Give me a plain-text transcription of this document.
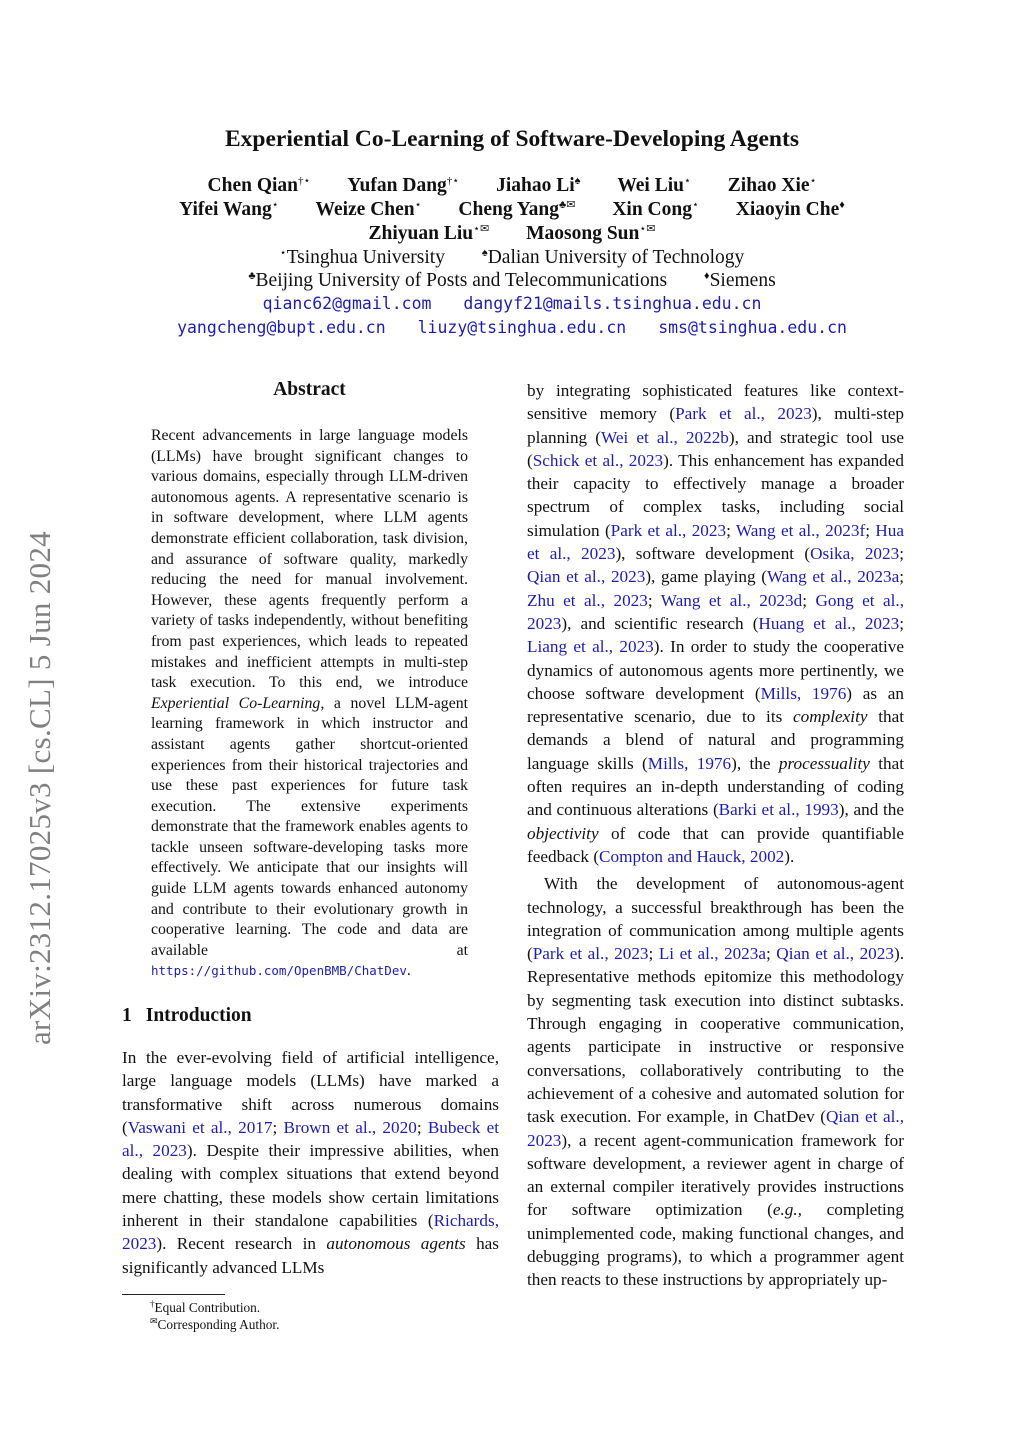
arXiv:2312.17025v3 [cs.CL] 5 Jun 2024
Experiential Co-Learning of Software-Developing Agents
Chen Qian†⋆ Yufan Dang†⋆ Jiahao Li♠ Wei Liu⋆ Zihao Xie⋆
Yifei Wang⋆ Weize Chen⋆ Cheng Yang♣✉ Xin Cong⋆ Xiaoyin Che♦
Zhiyuan Liu⋆✉ Maosong Sun⋆✉
⋆Tsinghua University	♠Dalian University of Technology
♣Beijing University of Posts and Telecommunications	♦Siemens
qianc62@gmail.com dangyf21@mails.tsinghua.edu.cn
yangcheng@bupt.edu.cn liuzy@tsinghua.edu.cn sms@tsinghua.edu.cn
Abstract
Recent advancements in large language models (LLMs) have brought significant changes to various domains, especially through LLM-driven autonomous agents. A representative scenario is in software development, where LLM agents demonstrate efficient collaboration, task division, and assurance of software quality, markedly reducing the need for manual involvement. However, these agents frequently perform a variety of tasks independently, without benefiting from past experiences, which leads to repeated mistakes and inefficient attempts in multi-step task execution. To this end, we introduce Experiential Co-Learning, a novel LLM-agent learning framework in which instructor and assistant agents gather shortcut-oriented experiences from their historical trajectories and use these past experiences for future task execution. The extensive experiments demonstrate that the framework enables agents to tackle unseen software-developing tasks more effectively. We anticipate that our insights will guide LLM agents towards enhanced autonomy and contribute to their evolutionary growth in cooperative learning. The code and data are available at https://github.com/OpenBMB/ChatDev.
1 Introduction

In the ever-evolving field of artificial intelligence, large language models (LLMs) have marked a transformative shift across numerous domains (Vaswani et al., 2017; Brown et al., 2020; Bubeck et al., 2023). Despite their impressive abilities, when dealing with complex situations that extend beyond mere chatting, these models show certain limitations inherent in their standalone capabilities (Richards, 2023). Recent research in autonomous agents has significantly advanced LLMs

†Equal Contribution.
✉Corresponding Author.

by integrating sophisticated features like context-sensitive memory (Park et al., 2023), multi-step planning (Wei et al., 2022b), and strategic tool use (Schick et al., 2023). This enhancement has expanded their capacity to effectively manage a broader spectrum of complex tasks, including social simulation (Park et al., 2023; Wang et al., 2023f; Hua et al., 2023), software development (Osika, 2023; Qian et al., 2023), game playing (Wang et al., 2023a; Zhu et al., 2023; Wang et al., 2023d; Gong et al., 2023), and scientific research (Huang et al., 2023; Liang et al., 2023). In order to study the cooperative dynamics of autonomous agents more pertinently, we choose software development (Mills, 1976) as an representative scenario, due to its complexity that demands a blend of natural and programming language skills (Mills, 1976), the processuality that often requires an in-depth understanding of coding and continuous alterations (Barki et al., 1993), and the objectivity of code that can provide quantifiable feedback (Compton and Hauck, 2002).

With the development of autonomous-agent technology, a successful breakthrough has been the integration of communication among multiple agents (Park et al., 2023; Li et al., 2023a; Qian et al., 2023). Representative methods epitomize this methodology by segmenting task execution into distinct subtasks. Through engaging in cooperative communication, agents participate in instructive or responsive conversations, collaboratively contributing to the achievement of a cohesive and automated solution for task execution. For example, in ChatDev (Qian et al., 2023), a recent agent-communication framework for software development, a reviewer agent in charge of an external compiler iteratively provides instructions for software optimization (e.g., completing unimplemented code, making functional changes, and debugging programs), to which a programmer agent then reacts to these instructions by appropriately up-
